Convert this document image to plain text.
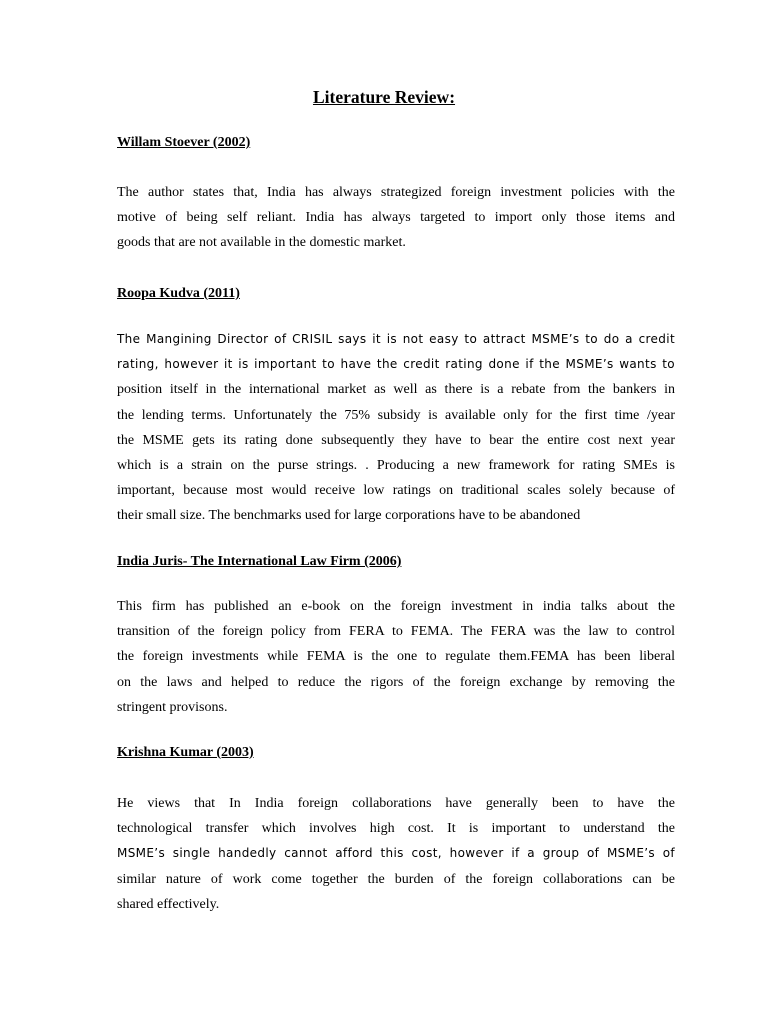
Literature Review:
Willam Stoever (2002)
The author states that, India has always strategized foreign investment policies with the
motive of being self reliant. India has always targeted to import only those items and
goods that are not available in the domestic market.
Roopa Kudva (2011)
The Mangining Director of CRISIL says it is not easy to attract MSME’s to do a credit
rating, however it is important to have the credit rating done if the MSME’s wants to
position itself in the international market as well as there is a rebate from the bankers in
the lending terms. Unfortunately the 75% subsidy is available only for the first time /year
the MSME gets its rating done subsequently they have to bear the entire cost next year
which is a strain on the purse strings. . Producing a new framework for rating SMEs is
important, because most would receive low ratings on traditional scales solely because of
their small size. The benchmarks used for large corporations have to be abandoned
India Juris- The International Law Firm (2006)
This firm has published an e-book on the foreign investment in india talks about the
transition of the foreign policy from FERA to FEMA. The FERA was the law to control
the foreign investments while FEMA is the one to regulate them.FEMA has been liberal
on the laws and helped to reduce the rigors of the foreign exchange by removing the
stringent provisons.
Krishna Kumar (2003)
He views that In India foreign collaborations have generally been to have the
technological transfer which involves high cost. It is important to understand the
MSME’s single handedly cannot afford this cost, however if a group of MSME’s of
similar nature of work come together the burden of the foreign collaborations can be
shared effectively.
